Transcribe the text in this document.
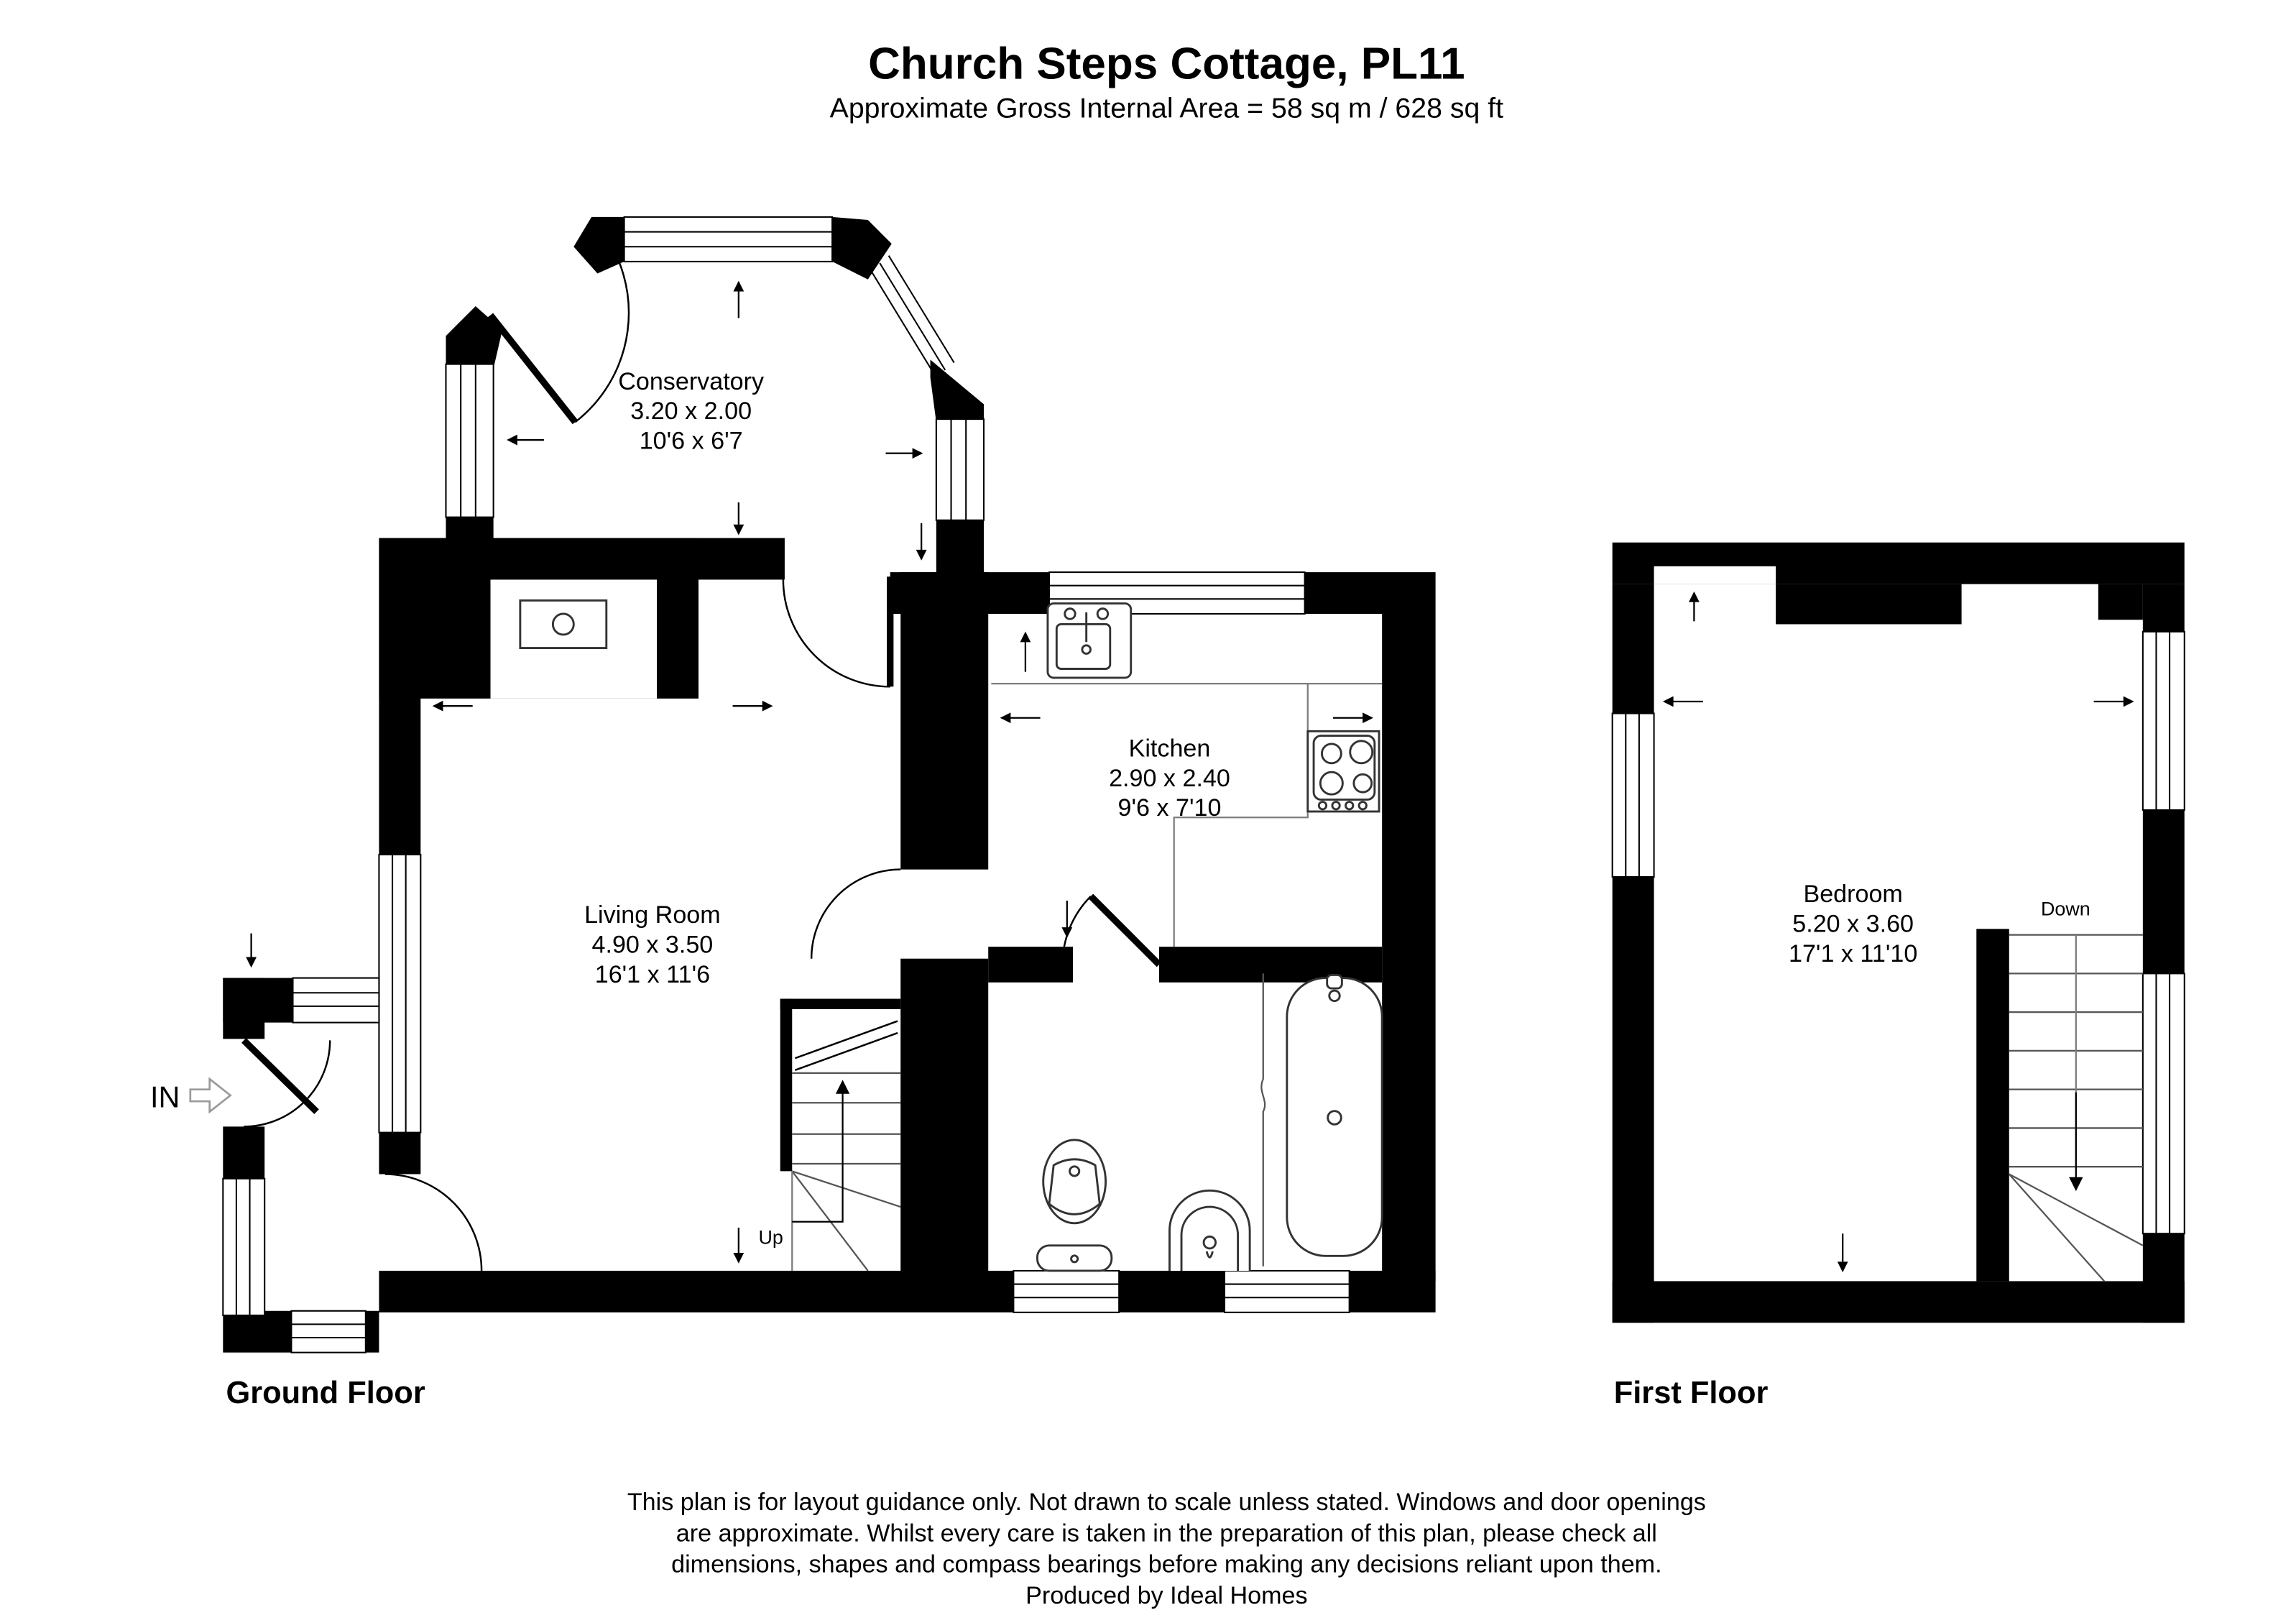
Church Steps Cottage, PL11
Approximate Gross Internal Area = 58 sq m / 628 sq ft
Conservatory
3.20 x 2.00
10'6 x 6'7
IN
Up
Kitchen
2.90 x 2.40
9'6 x 7'10
Living Room
4.90 x 3.50
16'1 x 11'6
Ground Floor
Down
Bedroom
5.20 x 3.60
17'1 x 11'10
First Floor
This plan is for layout guidance only. Not drawn to scale unless stated. Windows and door openings
are approximate. Whilst every care is taken in the preparation of this plan, please check all
dimensions, shapes and compass bearings before making any decisions reliant upon them.
Produced by Ideal Homes
